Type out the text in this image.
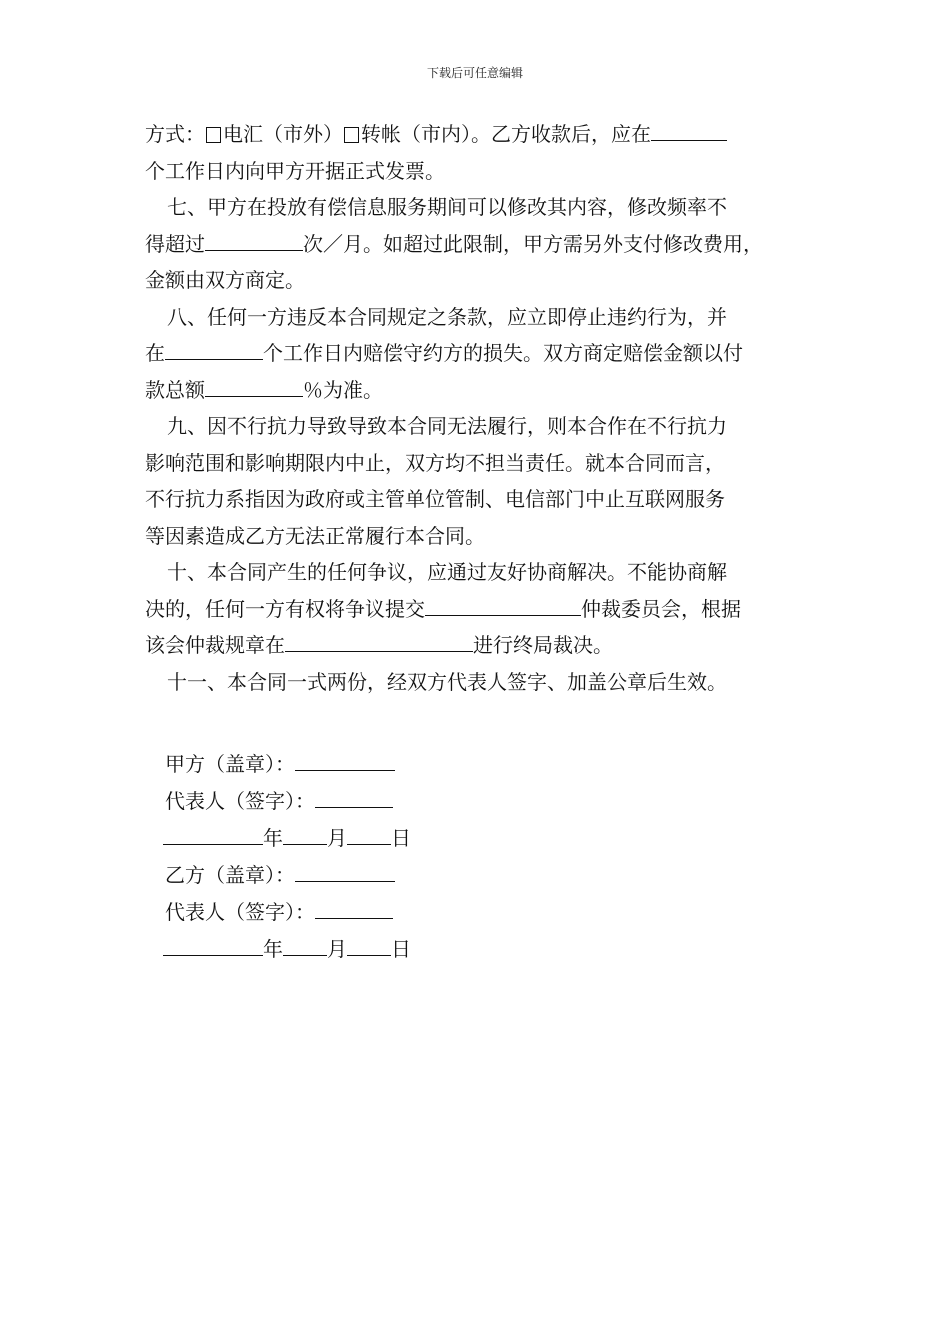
下载后可任意编辑
方式： 电汇（市外） 转帐（市内）。乙方收款后，应在
个工作日内向甲方开据正式发票。
七、甲方在投放有偿信息服务期间可以修改其内容，修改频率不
得超过	次／月。如超过此限制，甲方需另外支付修改费用，
金额由双方商定。
八、任何一方违反本合同规定之条款，应立即停止违约行为，并
在	个工作日内赔偿守约方的损失。双方商定赔偿金额以付
款总额	％为准。
九、因不行抗力导致导致本合同无法履行，则本合作在不行抗力
影响范围和影响期限内中止，双方均不担当责任。就本合同而言，
不行抗力系指因为政府或主管单位管制、电信部门中止互联网服务
等因素造成乙方无法正常履行本合同。
十、本合同产生的任何争议，应通过友好协商解决。不能协商解
决的，任何一方有权将争议提交	仲裁委员会，根据
该会仲裁规章在	进行终局裁决。
十一、本合同一式两份，经双方代表人签字、加盖公章后生效。
甲方（盖章）：
代表人（签字）：
年 月 日
乙方（盖章）：
代表人（签字）：
年 月 日
